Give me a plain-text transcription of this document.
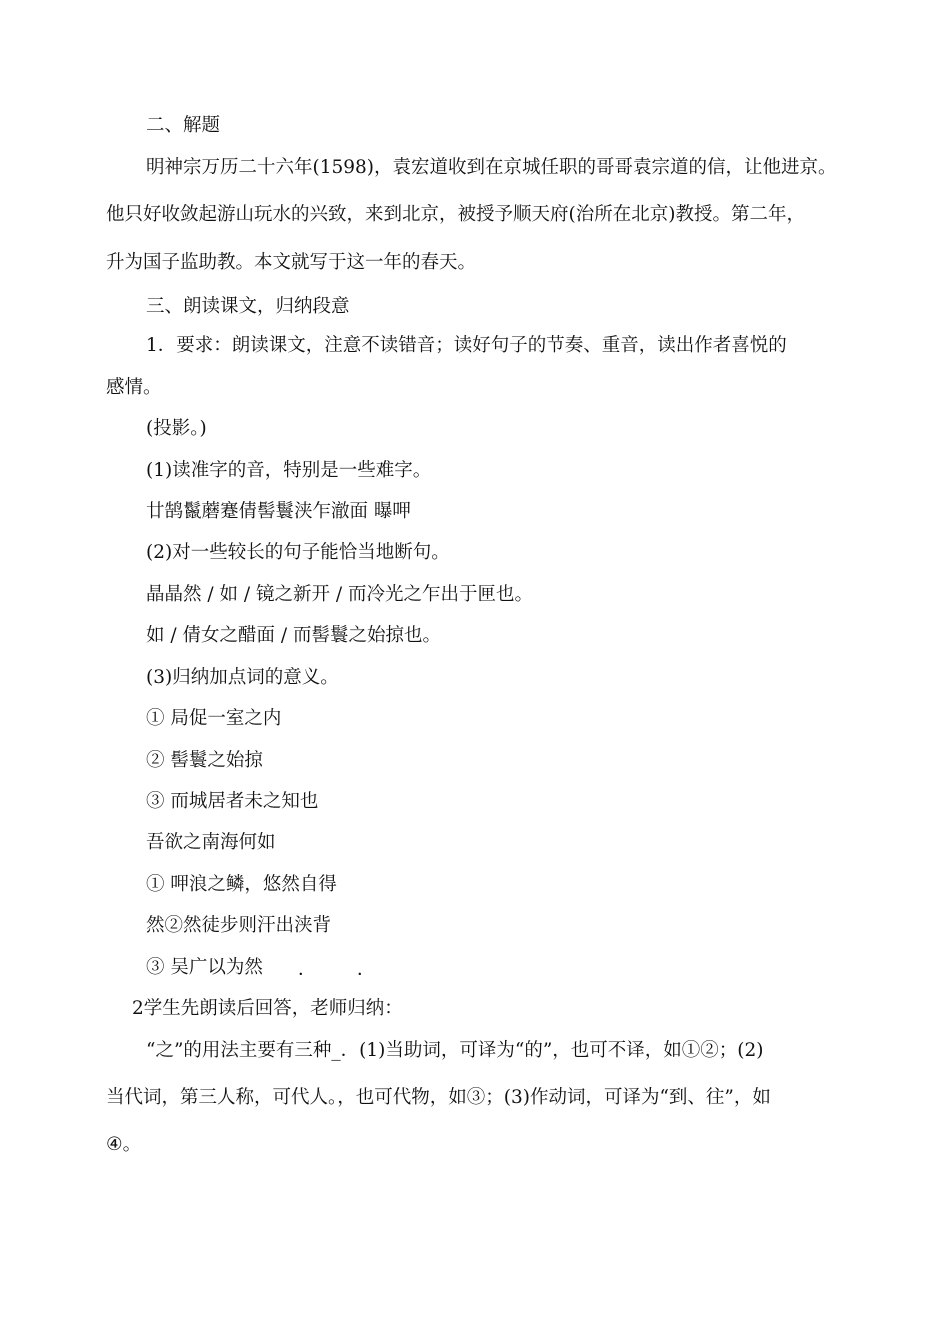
二、解题
明神宗万历二十六年(1598)，袁宏道收到在京城任职的哥哥袁宗道的信，让他进京。
他只好收敛起游山玩水的兴致，来到北京，被授予顺天府(治所在北京)教授。第二年，
升为国子监助教。本文就写于这一年的春天。
三、朗读课文，归纳段意
1．要求：朗读课文，注意不读错音；读好句子的节奏、重音，读出作者喜悦的
感情。
(投影。)
(1)读准字的音，特别是一些难字。
廿鹄鬣蘑蹇倩髻鬟浃乍澈面 曝呷
(2)对一些较长的句子能恰当地断句。
晶晶然 / 如 / 镜之新开 / 而冷光之乍出于匣也。
如 / 倩女之醋面 / 而髻鬟之始掠也。
(3)归纳加点词的意义。
① 局促一室之内
② 髻鬟之始掠
③ 而城居者未之知也
吾欲之南海何如
① 呷浪之鳞，悠然自得
然②然徒步则汗出浃背
③ 吴广以为然 ． ．
2学生先朗读后回答，老师归纳：
“之”的用法主要有三种_．(1)当助词，可译为“的”，也可不译，如①②；(2)
当代词，第三人称，可代人。，也可代物，如③；(3)作动词，可译为“到、往”，如
④。
